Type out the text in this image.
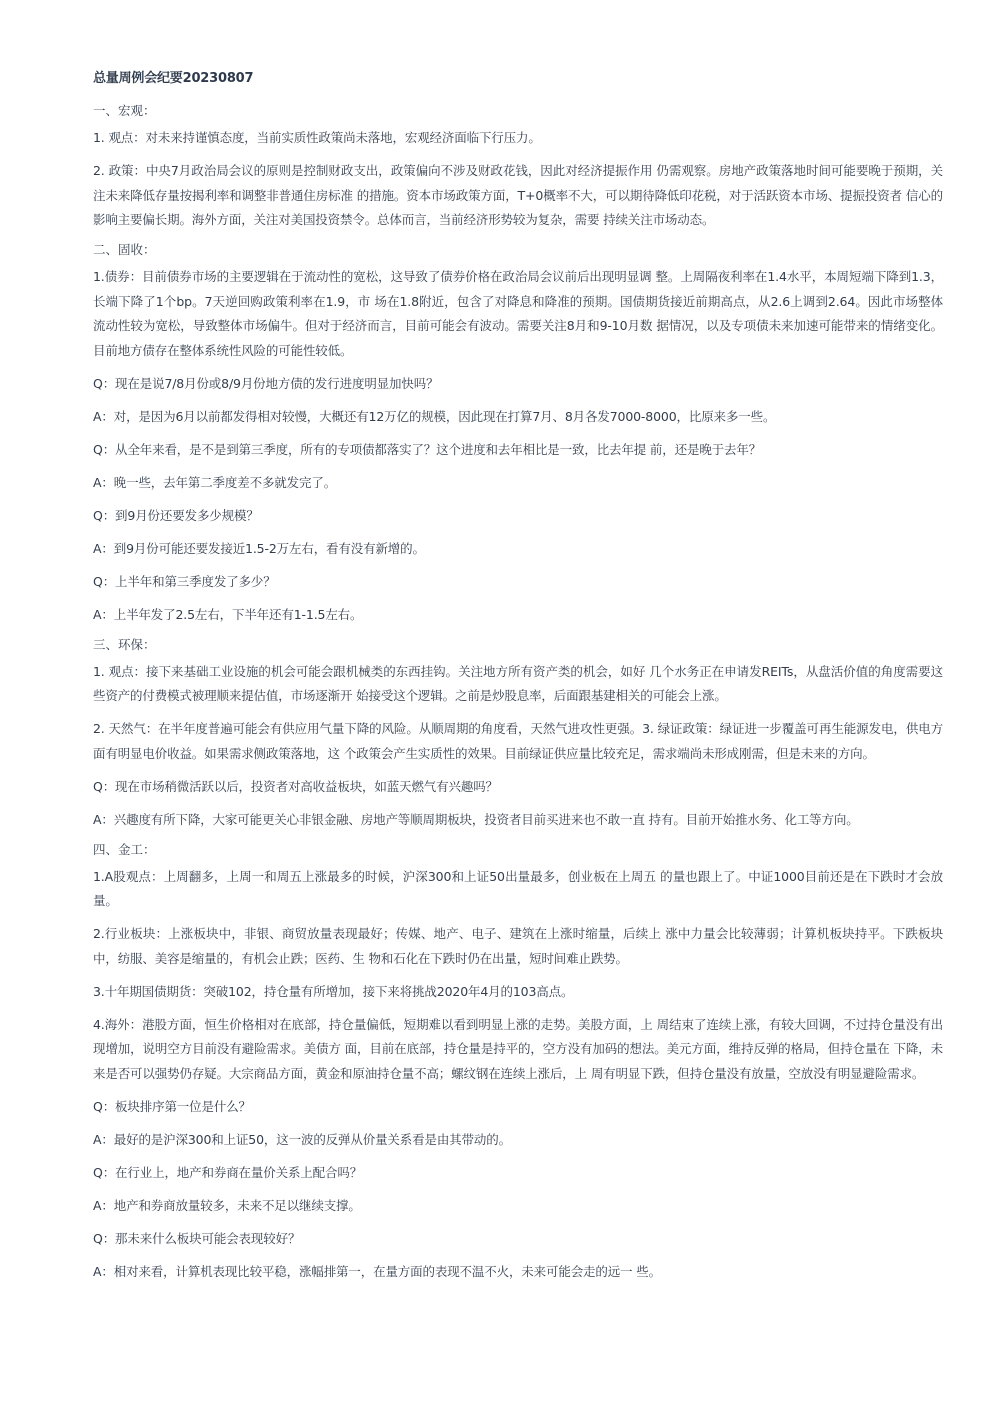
总量周例会纪要20230807
一、宏观：
1. 观点：对未来持谨慎态度，当前实质性政策尚未落地，宏观经济面临下行压力。
2. 政策：中央7月政治局会议的原则是控制财政支出，政策偏向不涉及财政花钱，因此对经济提振作用 仍需观察。房地产政策落地时间可能要晚于预期，关注未来降低存量按揭利率和调整非普通住房标准 的措施。资本市场政策方面，T+0概率不大，可以期待降低印花税，对于活跃资本市场、提振投资者 信心的影响主要偏长期。海外方面，关注对美国投资禁令。总体而言，当前经济形势较为复杂，需要 持续关注市场动态。
二、固收：
1.债券：目前债券市场的主要逻辑在于流动性的宽松，这导致了债券价格在政治局会议前后出现明显调 整。上周隔夜利率在1.4水平，本周短端下降到1.3，长端下降了1个bp。7天逆回购政策利率在1.9，市 场在1.8附近，包含了对降息和降准的预期。国债期货接近前期高点，从2.6上调到2.64。因此市场整体 流动性较为宽松，导致整体市场偏牛。但对于经济而言，目前可能会有波动。需要关注8月和9-10月数 据情况，以及专项债未来加速可能带来的情绪变化。目前地方债存在整体系统性风险的可能性较低。
Q：现在是说7/8月份或8/9月份地方债的发行进度明显加快吗？
A：对，是因为6月以前都发得相对较慢，大概还有12万亿的规模，因此现在打算7月、8月各发7000-8000，比原来多一些。
Q：从全年来看，是不是到第三季度，所有的专项债都落实了？这个进度和去年相比是一致，比去年提 前，还是晚于去年？
A：晚一些，去年第二季度差不多就发完了。
Q：到9月份还要发多少规模？
A：到9月份可能还要发接近1.5-2万左右，看有没有新增的。
Q：上半年和第三季度发了多少？
A：上半年发了2.5左右，下半年还有1-1.5左右。
三、环保：
1. 观点：接下来基础工业设施的机会可能会跟机械类的东西挂钩。关注地方所有资产类的机会，如好 几个水务正在申请发REITs，从盘活价值的角度需要这些资产的付费模式被理顺来提估值，市场逐渐开 始接受这个逻辑。之前是炒股息率，后面跟基建相关的可能会上涨。
2. 天然气：在半年度普遍可能会有供应用气量下降的风险。从顺周期的角度看，天然气进攻性更强。3. 绿证政策：绿证进一步覆盖可再生能源发电，供电方面有明显电价收益。如果需求侧政策落地，这 个政策会产生实质性的效果。目前绿证供应量比较充足，需求端尚未形成刚需，但是未来的方向。
Q：现在市场稍微活跃以后，投资者对高收益板块，如蓝天燃气有兴趣吗？
A：兴趣度有所下降，大家可能更关心非银金融、房地产等顺周期板块，投资者目前买进来也不敢一直 持有。目前开始推水务、化工等方向。
四、金工：
1.A股观点：上周翻多，上周一和周五上涨最多的时候，沪深300和上证50出量最多，创业板在上周五 的量也跟上了。中证1000目前还是在下跌时才会放量。
2.行业板块：上涨板块中，非银、商贸放量表现最好；传媒、地产、电子、建筑在上涨时缩量，后续上 涨中力量会比较薄弱；计算机板块持平。下跌板块中，纺服、美容是缩量的，有机会止跌；医药、生 物和石化在下跌时仍在出量，短时间难止跌势。
3.十年期国债期货：突破102，持仓量有所增加，接下来将挑战2020年4月的103高点。
4.海外：港股方面，恒生价格相对在底部，持仓量偏低，短期难以看到明显上涨的走势。美股方面，上 周结束了连续上涨，有较大回调，不过持仓量没有出现增加，说明空方目前没有避险需求。美债方 面，目前在底部，持仓量是持平的，空方没有加码的想法。美元方面，维持反弹的格局，但持仓量在 下降，未来是否可以强势仍存疑。大宗商品方面，黄金和原油持仓量不高；螺纹钢在连续上涨后，上 周有明显下跌，但持仓量没有放量，空放没有明显避险需求。
Q：板块排序第一位是什么？
A：最好的是沪深300和上证50，这一波的反弹从价量关系看是由其带动的。
Q：在行业上，地产和券商在量价关系上配合吗？
A：地产和券商放量较多，未来不足以继续支撑。
Q：那未来什么板块可能会表现较好？
A：相对来看，计算机表现比较平稳，涨幅排第一，在量方面的表现不温不火，未来可能会走的远一 些。
